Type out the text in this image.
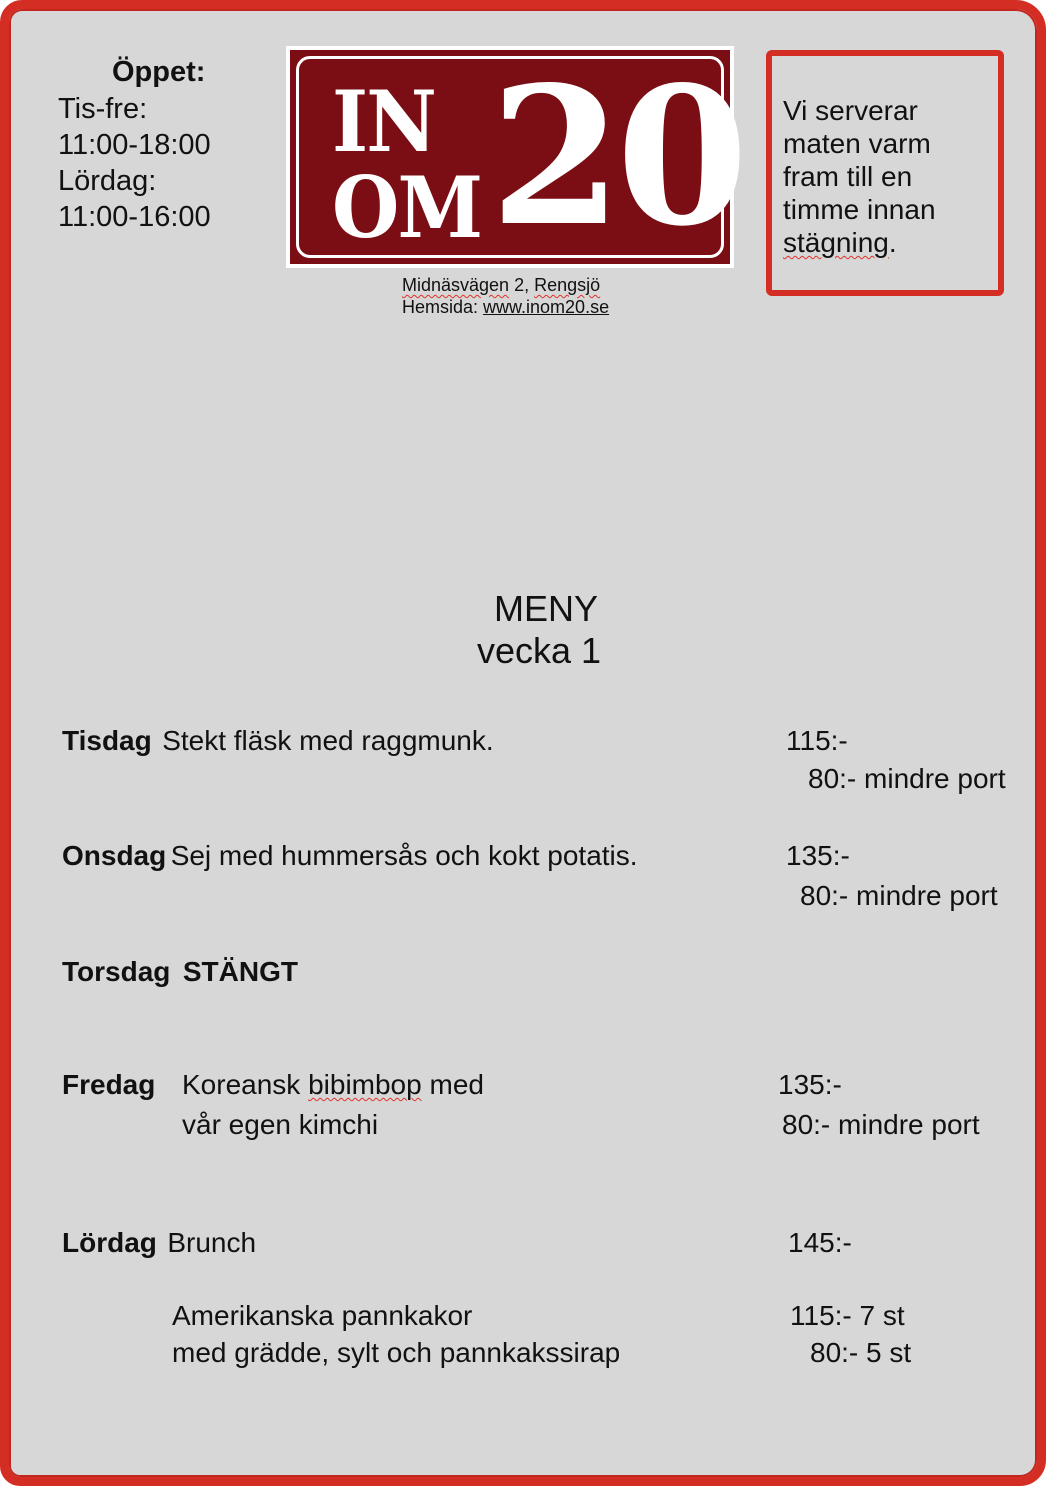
Öppet:
Tis-fre:
11:00-18:00
Lördag:
11:00-16:00
IN
OM 20
Midnäsvägen 2, Rengsjö
Hemsida: www.inom20.se
Vi serverar
maten varm
fram till en
timme innan
stägning.
MENY
vecka 1
Tisdag Stekt fläsk med raggmunk.	115:-
80:- mindre port
Onsdag Sej med hummersås och kokt potatis.	135:-
80:- mindre port
Torsdag STÄNGT
Fredag Koreansk bibimbop med
vår egen kimchi
135:-
80:- mindre port
Lördag Brunch	145:-
Amerikanska pannkakor
med grädde, sylt och pannkakssirap
115:- 7 st
80:- 5 st
